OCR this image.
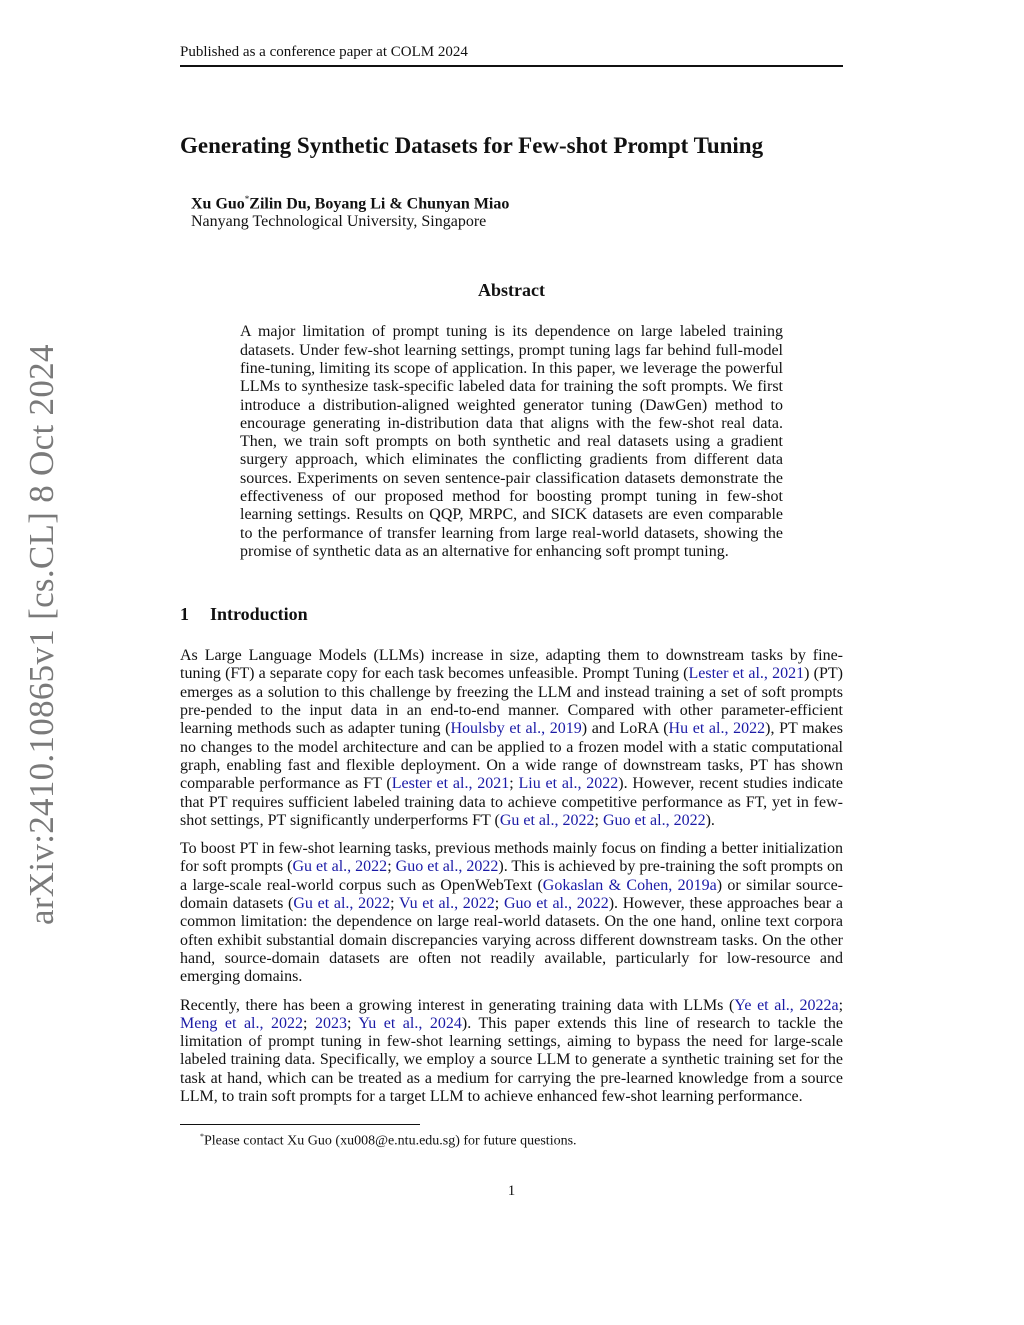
Published as a conference paper at COLM 2024
arXiv:2410.10865v1 [cs.CL] 8 Oct 2024
Generating Synthetic Datasets for Few-shot Prompt Tuning
Xu Guo*Zilin Du, Boyang Li & Chunyan Miao
Nanyang Technological University, Singapore
Abstract
A major limitation of prompt tuning is its dependence on large labeled training datasets. Under few-shot learning settings, prompt tuning lags far behind full-model fine-tuning, limiting its scope of application. In this paper, we leverage the powerful LLMs to synthesize task-specific labeled data for training the soft prompts. We first introduce a distribution-aligned weighted generator tuning (DawGen) method to encourage generating in-distribution data that aligns with the few-shot real data. Then, we train soft prompts on both synthetic and real datasets using a gradient surgery approach, which eliminates the conflicting gradients from different data sources. Experiments on seven sentence-pair classification datasets demonstrate the effectiveness of our proposed method for boosting prompt tuning in few-shot learning settings. Results on QQP, MRPC, and SICK datasets are even comparable to the performance of transfer learning from large real-world datasets, showing the promise of synthetic data as an alternative for enhancing soft prompt tuning.
1 Introduction
As Large Language Models (LLMs) increase in size, adapting them to downstream tasks by fine-tuning (FT) a separate copy for each task becomes unfeasible. Prompt Tuning (Lester et al., 2021) (PT) emerges as a solution to this challenge by freezing the LLM and instead training a set of soft prompts pre-pended to the input data in an end-to-end manner. Compared with other parameter-efficient learning methods such as adapter tuning (Houlsby et al., 2019) and LoRA (Hu et al., 2022), PT makes no changes to the model architecture and can be applied to a frozen model with a static computational graph, enabling fast and flexible deployment. On a wide range of downstream tasks, PT has shown comparable performance as FT (Lester et al., 2021; Liu et al., 2022). However, recent studies indicate that PT requires sufficient labeled training data to achieve competitive performance as FT, yet in few-shot settings, PT significantly underperforms FT (Gu et al., 2022; Guo et al., 2022).
To boost PT in few-shot learning tasks, previous methods mainly focus on finding a better initialization for soft prompts (Gu et al., 2022; Guo et al., 2022). This is achieved by pre-training the soft prompts on a large-scale real-world corpus such as OpenWebText (Gokaslan & Cohen, 2019a) or similar source-domain datasets (Gu et al., 2022; Vu et al., 2022; Guo et al., 2022). However, these approaches bear a common limitation: the dependence on large real-world datasets. On the one hand, online text corpora often exhibit substantial domain discrepancies varying across different downstream tasks. On the other hand, source-domain datasets are often not readily available, particularly for low-resource and emerging domains.
Recently, there has been a growing interest in generating training data with LLMs (Ye et al., 2022a; Meng et al., 2022; 2023; Yu et al., 2024). This paper extends this line of research to tackle the limitation of prompt tuning in few-shot learning settings, aiming to bypass the need for large-scale labeled training data. Specifically, we employ a source LLM to generate a synthetic training set for the task at hand, which can be treated as a medium for carrying the pre-learned knowledge from a source LLM, to train soft prompts for a target LLM to achieve enhanced few-shot learning performance.
*Please contact Xu Guo (xu008@e.ntu.edu.sg) for future questions.
1
